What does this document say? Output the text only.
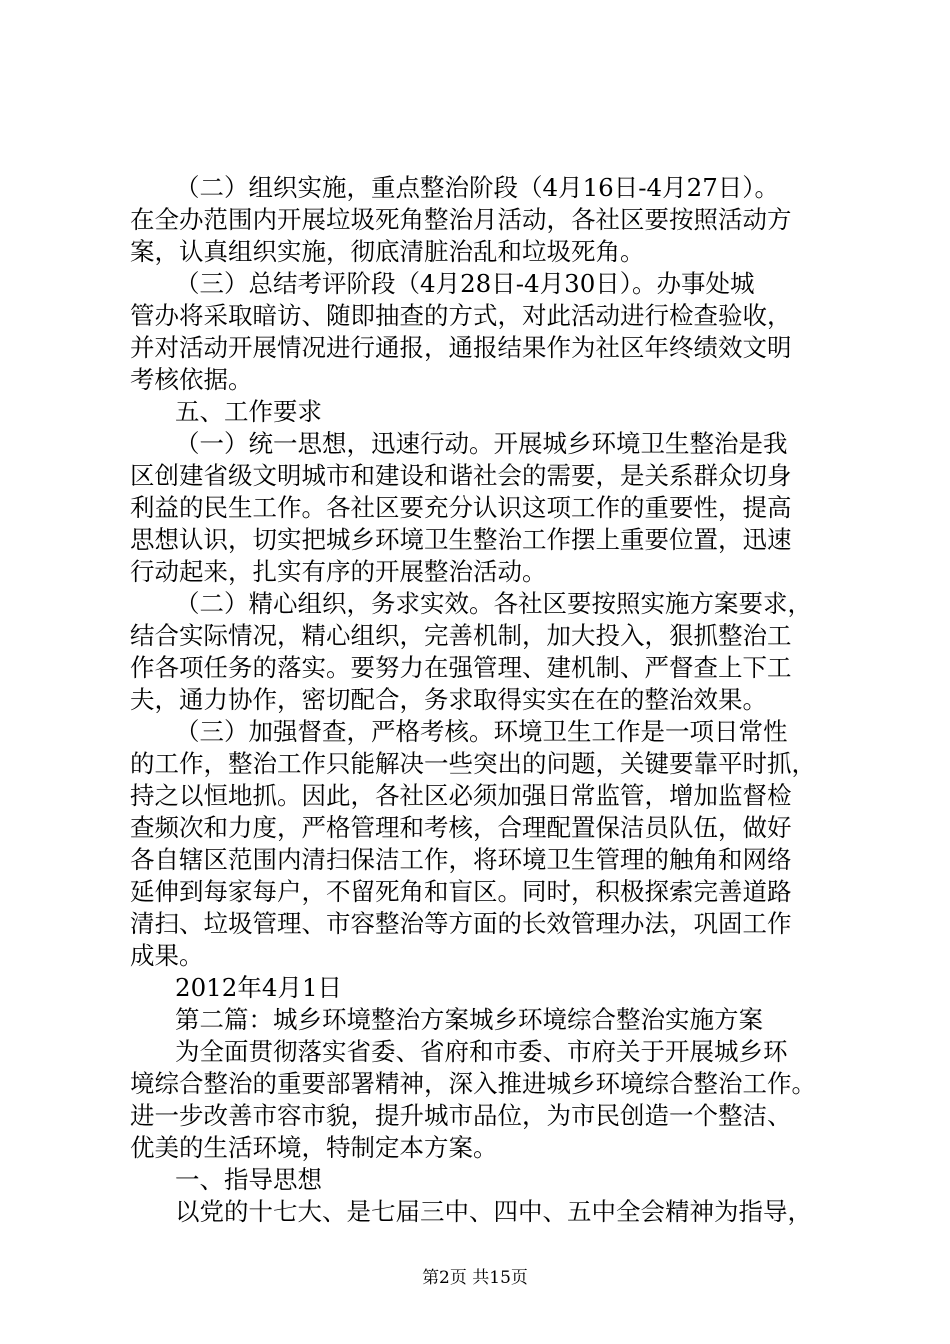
（二）组织实施，重点整治阶段（4月16日-4月27日）。
在全办范围内开展垃圾死角整治月活动，各社区要按照活动方
案，认真组织实施，彻底清脏治乱和垃圾死角。
（三）总结考评阶段（4月28日-4月30日）。办事处城
管办将采取暗访、随即抽查的方式，对此活动进行检查验收，
并对活动开展情况进行通报，通报结果作为社区年终绩效文明
考核依据。
五、工作要求
（一）统一思想，迅速行动。开展城乡环境卫生整治是我
区创建省级文明城市和建设和谐社会的需要，是关系群众切身
利益的民生工作。各社区要充分认识这项工作的重要性，提高
思想认识，切实把城乡环境卫生整治工作摆上重要位置，迅速
行动起来，扎实有序的开展整治活动。
（二）精心组织，务求实效。各社区要按照实施方案要求，
结合实际情况，精心组织，完善机制，加大投入，狠抓整治工
作各项任务的落实。要努力在强管理、建机制、严督查上下工
夫，通力协作，密切配合，务求取得实实在在的整治效果。
（三）加强督查，严格考核。环境卫生工作是一项日常性
的工作，整治工作只能解决一些突出的问题，关键要靠平时抓，
持之以恒地抓。因此，各社区必须加强日常监管，增加监督检
查频次和力度，严格管理和考核，合理配置保洁员队伍，做好
各自辖区范围内清扫保洁工作，将环境卫生管理的触角和网络
延伸到每家每户，不留死角和盲区。同时，积极探索完善道路
清扫、垃圾管理、市容整治等方面的长效管理办法，巩固工作
成果。
2012年4月1日
第二篇：城乡环境整治方案城乡环境综合整治实施方案
为全面贯彻落实省委、省府和市委、市府关于开展城乡环
境综合整治的重要部署精神，深入推进城乡环境综合整治工作。
进一步改善市容市貌，提升城市品位，为市民创造一个整洁、
优美的生活环境，特制定本方案。
一、指导思想
以党的十七大、是七届三中、四中、五中全会精神为指导，
第2页 共15页
